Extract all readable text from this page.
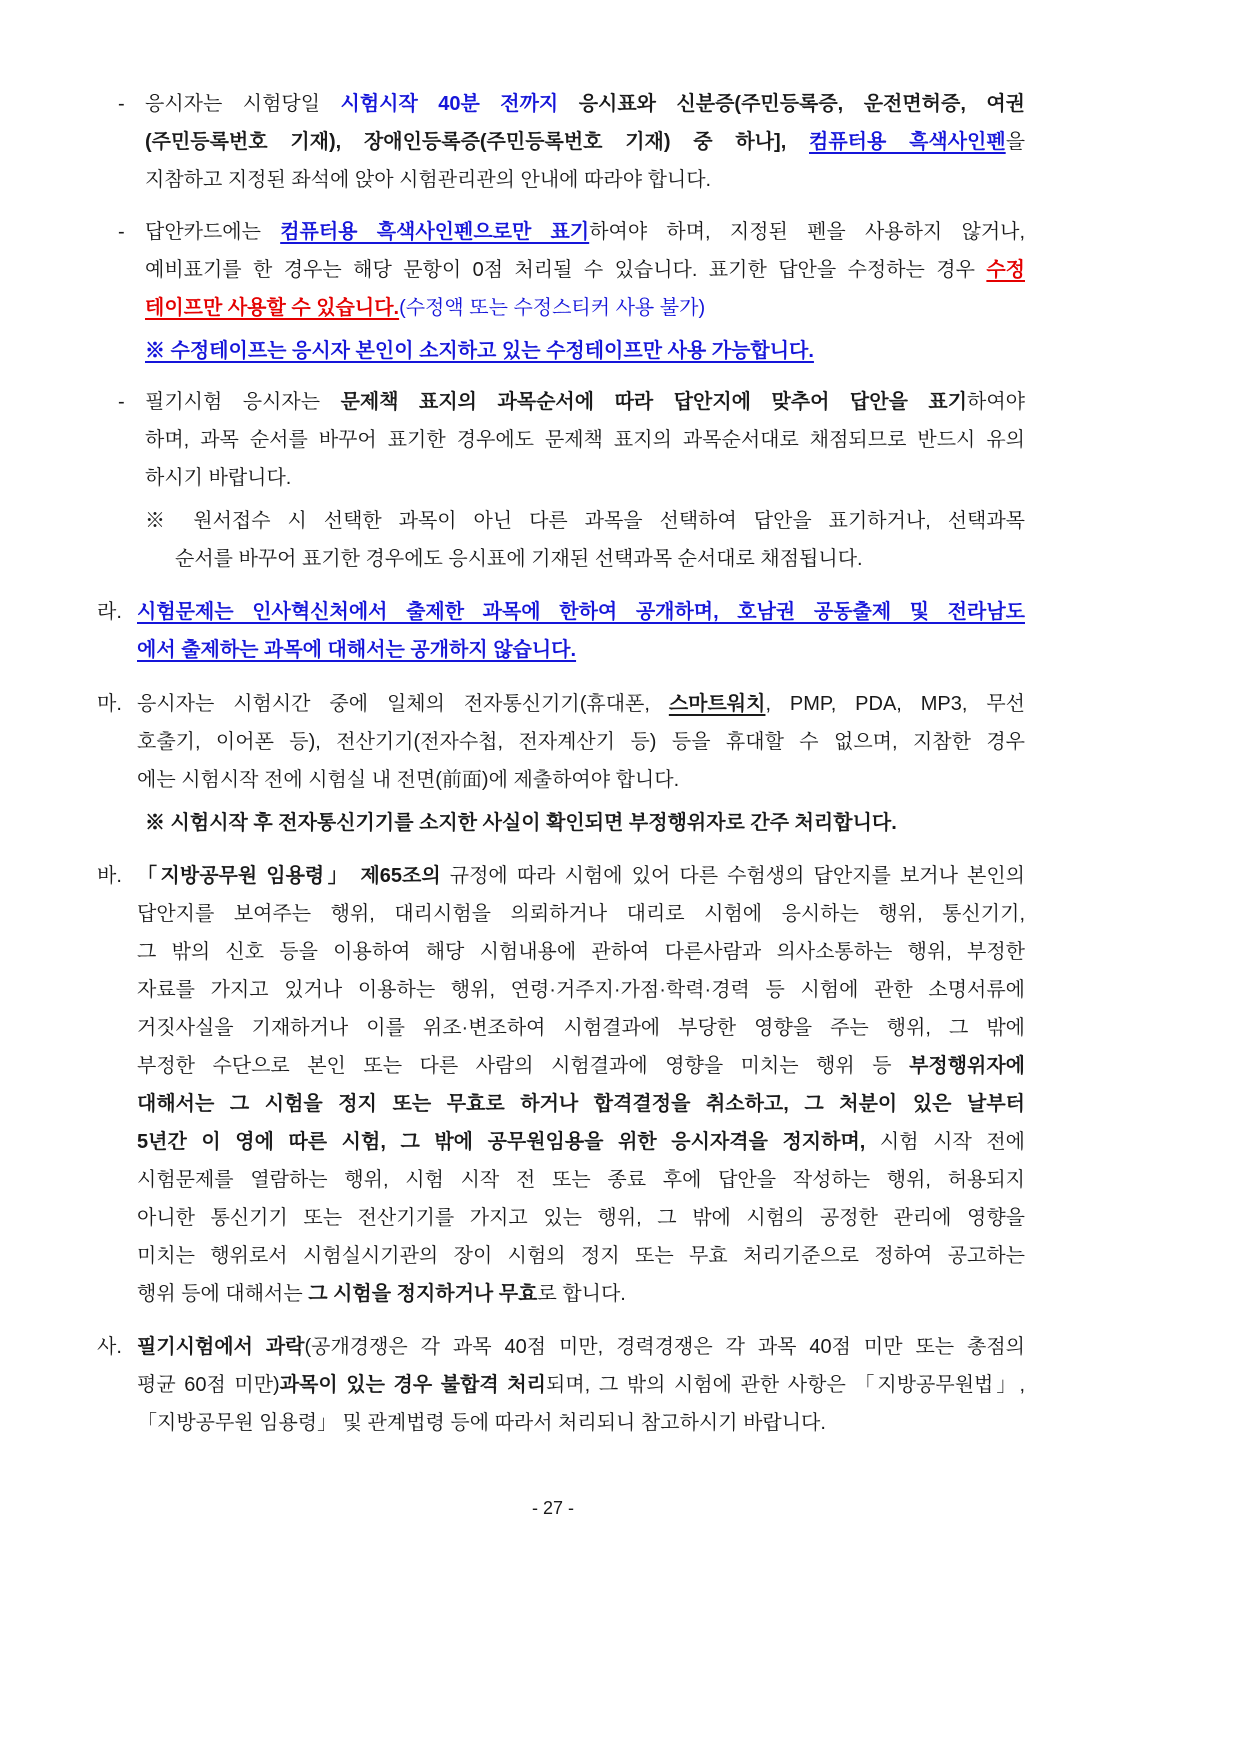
- 응시자는 시험당일 시험시작 40분 전까지 응시표와 신분증(주민등록증, 운전면허증, 여권
(주민등록번호 기재), 장애인등록증(주민등록번호 기재) 중 하나], 컴퓨터용 흑색사인펜을
지참하고 지정된 좌석에 앉아 시험관리관의 안내에 따라야 합니다.
- 답안카드에는 컴퓨터용 흑색사인펜으로만 표기하여야 하며, 지정된 펜을 사용하지 않거나,
예비표기를 한 경우는 해당 문항이 0점 처리될 수 있습니다. 표기한 답안을 수정하는 경우 수정
테이프만 사용할 수 있습니다.(수정액 또는 수정스티커 사용 불가)
※ 수정테이프는 응시자 본인이 소지하고 있는 수정테이프만 사용 가능합니다.
- 필기시험 응시자는 문제책 표지의 과목순서에 따라 답안지에 맞추어 답안을 표기하여야
하며, 과목 순서를 바꾸어 표기한 경우에도 문제책 표지의 과목순서대로 채점되므로 반드시 유의
하시기 바랍니다.
※ 원서접수 시 선택한 과목이 아닌 다른 과목을 선택하여 답안을 표기하거나, 선택과목
순서를 바꾸어 표기한 경우에도 응시표에 기재된 선택과목 순서대로 채점됩니다.
라. 시험문제는 인사혁신처에서 출제한 과목에 한하여 공개하며, 호남권 공동출제 및 전라남도
에서 출제하는 과목에 대해서는 공개하지 않습니다.
마. 응시자는 시험시간 중에 일체의 전자통신기기(휴대폰, 스마트워치, PMP, PDA, MP3, 무선
호출기, 이어폰 등), 전산기기(전자수첩, 전자계산기 등) 등을 휴대할 수 없으며, 지참한 경우
에는 시험시작 전에 시험실 내 전면(前面)에 제출하여야 합니다.
※ 시험시작 후 전자통신기기를 소지한 사실이 확인되면 부정행위자로 간주 처리합니다.
바. 「지방공무원 임용령」 제65조의 규정에 따라 시험에 있어 다른 수험생의 답안지를 보거나 본인의
답안지를 보여주는 행위, 대리시험을 의뢰하거나 대리로 시험에 응시하는 행위, 통신기기,
그 밖의 신호 등을 이용하여 해당 시험내용에 관하여 다른사람과 의사소통하는 행위, 부정한
자료를 가지고 있거나 이용하는 행위, 연령·거주지·가점·학력·경력 등 시험에 관한 소명서류에
거짓사실을 기재하거나 이를 위조·변조하여 시험결과에 부당한 영향을 주는 행위, 그 밖에
부정한 수단으로 본인 또는 다른 사람의 시험결과에 영향을 미치는 행위 등 부정행위자에
대해서는 그 시험을 정지 또는 무효로 하거나 합격결정을 취소하고, 그 처분이 있은 날부터
5년간 이 영에 따른 시험, 그 밖에 공무원임용을 위한 응시자격을 정지하며, 시험 시작 전에
시험문제를 열람하는 행위, 시험 시작 전 또는 종료 후에 답안을 작성하는 행위, 허용되지
아니한 통신기기 또는 전산기기를 가지고 있는 행위, 그 밖에 시험의 공정한 관리에 영향을
미치는 행위로서 시험실시기관의 장이 시험의 정지 또는 무효 처리기준으로 정하여 공고하는
행위 등에 대해서는 그 시험을 정지하거나 무효로 합니다.
사. 필기시험에서 과락(공개경쟁은 각 과목 40점 미만, 경력경쟁은 각 과목 40점 미만 또는 총점의
평균 60점 미만)과목이 있는 경우 불합격 처리되며, 그 밖의 시험에 관한 사항은 「지방공무원법」,
「지방공무원 임용령」 및 관계법령 등에 따라서 처리되니 참고하시기 바랍니다.
- 27 -
